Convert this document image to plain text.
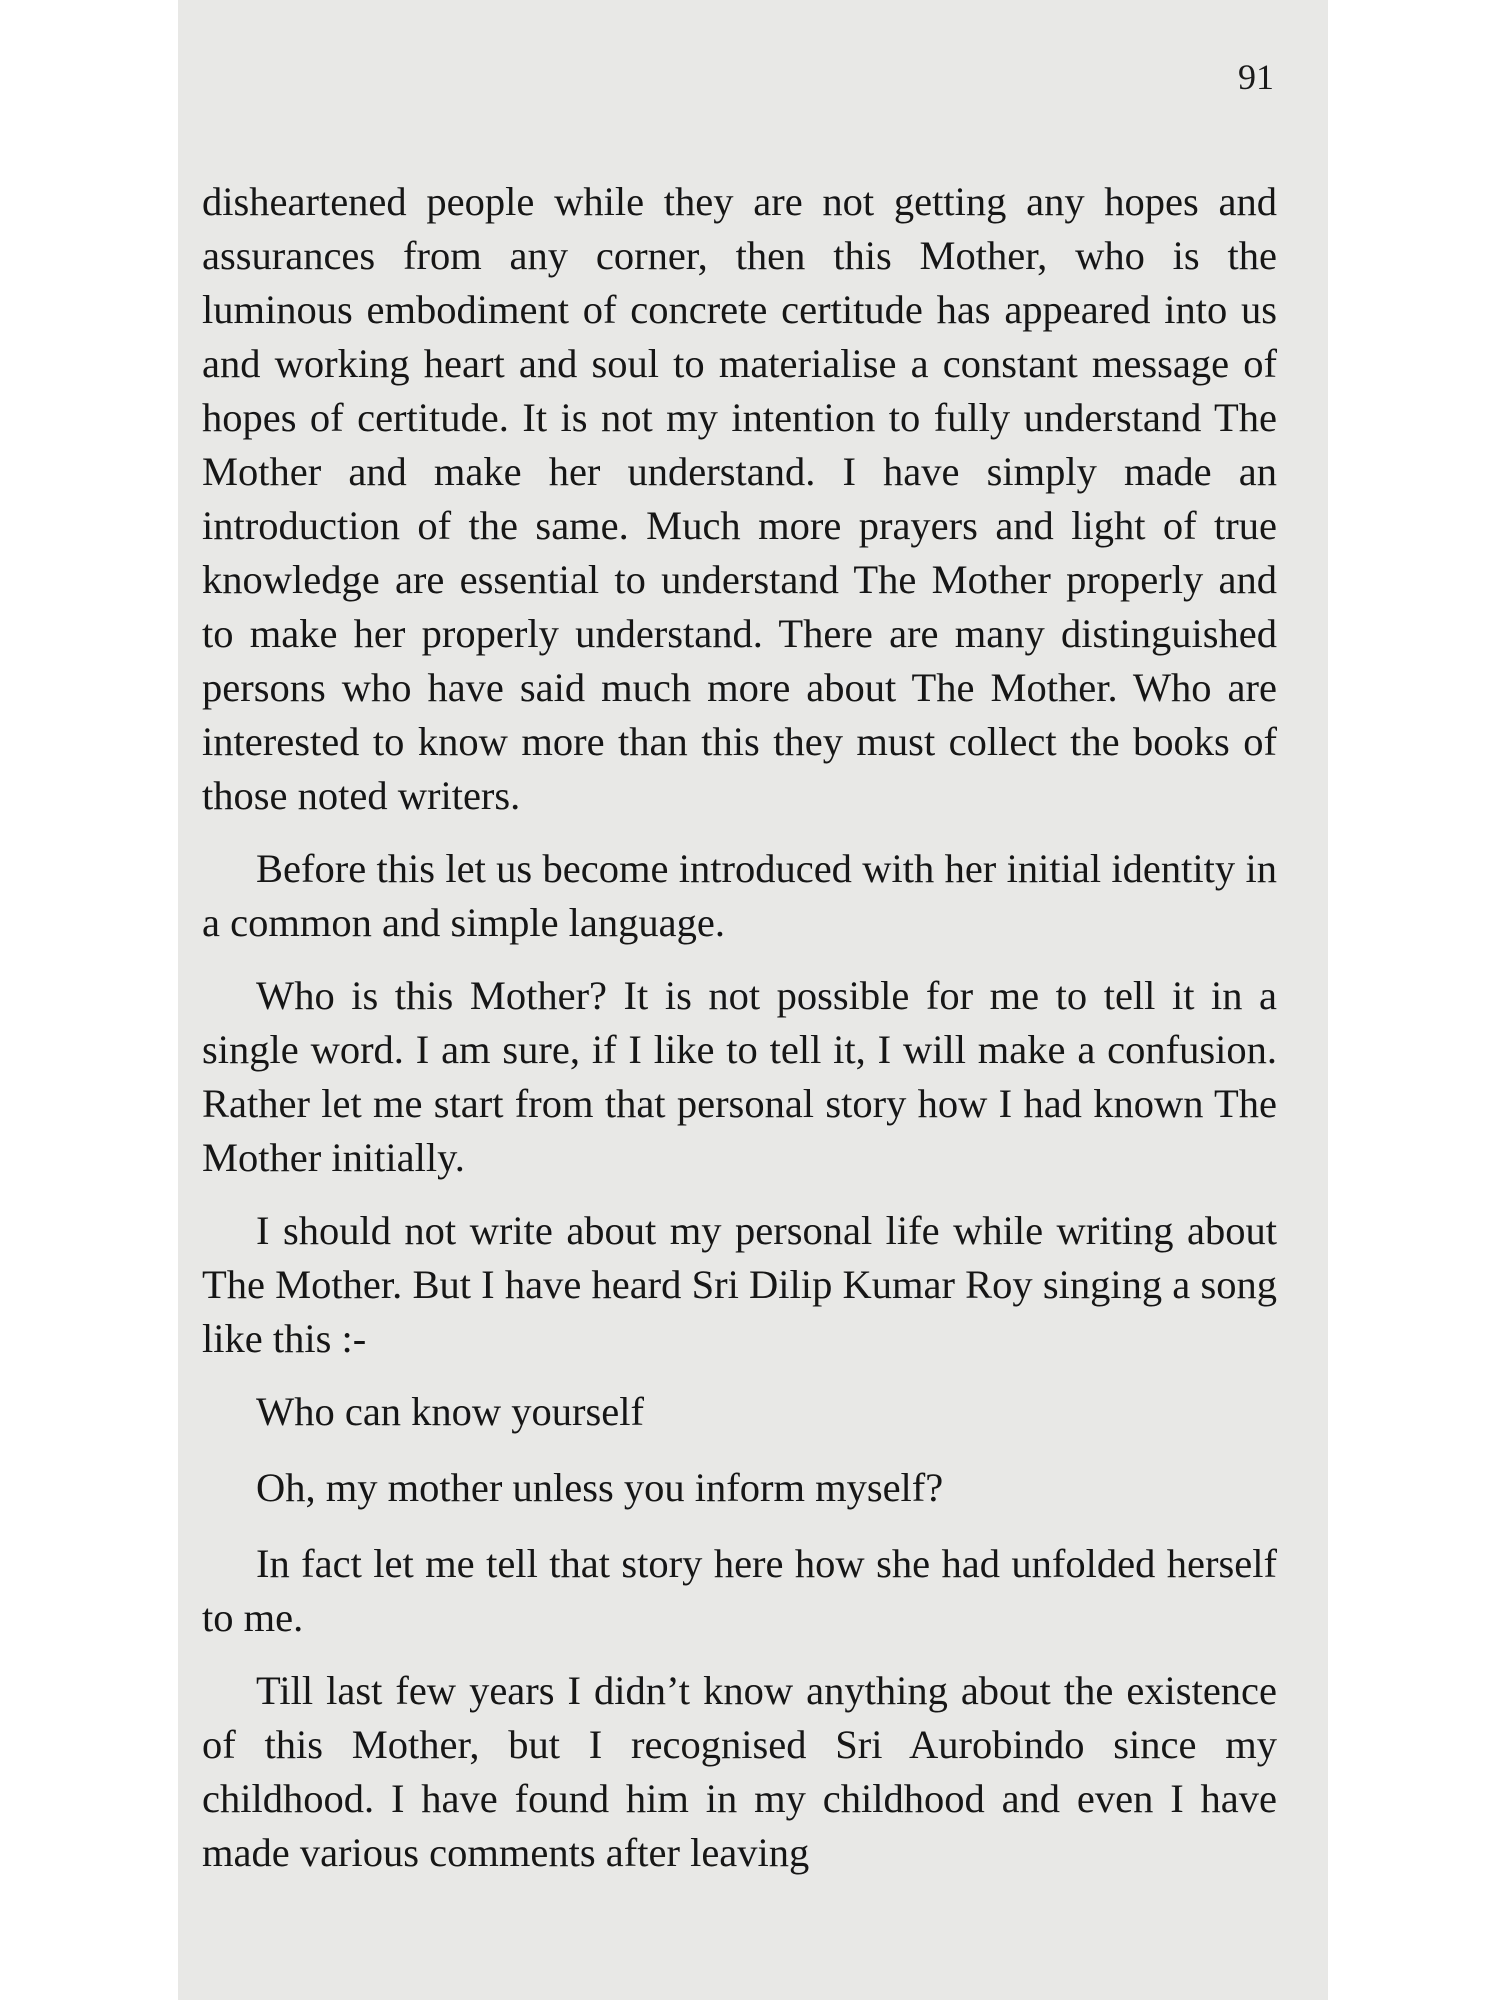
91

disheartened people while they are not getting any hopes and assurances from any corner, then this Mother, who is the luminous embodiment of concrete certitude has appeared into us and working heart and soul to materialise a constant message of hopes of certitude. It is not my intention to fully understand The Mother and make her understand. I have simply made an introduction of the same. Much more prayers and light of true knowledge are essential to understand The Mother properly and to make her properly understand. There are many distinguished persons who have said much more about The Mother. Who are interested to know more than this they must collect the books of those noted writers.

Before this let us become introduced with her initial identity in a common and simple language.

Who is this Mother? It is not possible for me to tell it in a single word. I am sure, if I like to tell it, I will make a confusion. Rather let me start from that personal story how I had known The Mother initially.

I should not write about my personal life while writing about The Mother. But I have heard Sri Dilip Kumar Roy singing a song like this :-

Who can know yourself

Oh, my mother unless you inform myself?

In fact let me tell that story here how she had unfolded herself to me.

Till last few years I didn’t know anything about the existence of this Mother, but I recognised Sri Aurobindo since my childhood. I have found him in my childhood and even I have made various comments after leaving
